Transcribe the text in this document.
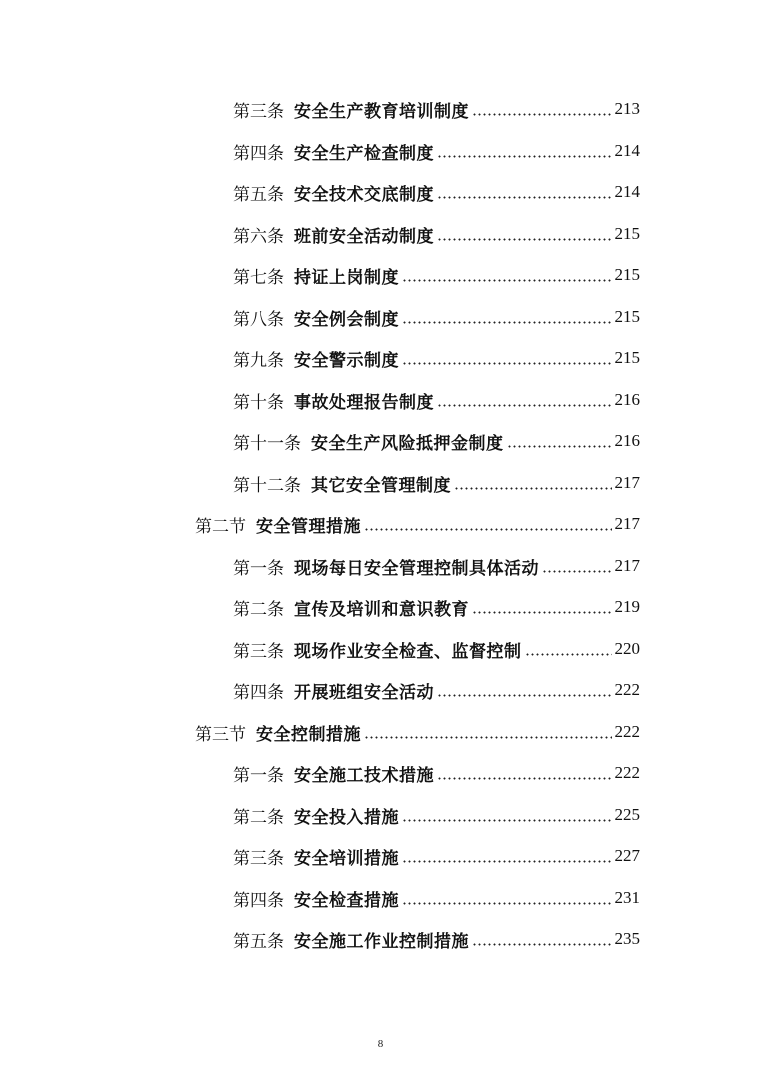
第三条 安全生产教育培训制度	213
第四条 安全生产检查制度	214
第五条 安全技术交底制度	214
第六条 班前安全活动制度	215
第七条 持证上岗制度	215
第八条 安全例会制度	215
第九条 安全警示制度	215
第十条 事故处理报告制度	216
第十一条 安全生产风险抵押金制度	216
第十二条 其它安全管理制度	217
第二节 安全管理措施	217
第一条 现场每日安全管理控制具体活动	217
第二条 宣传及培训和意识教育	219
第三条 现场作业安全检查、监督控制	220
第四条 开展班组安全活动	222
第三节 安全控制措施	222
第一条 安全施工技术措施	222
第二条 安全投入措施	225
第三条 安全培训措施	227
第四条 安全检查措施	231
第五条 安全施工作业控制措施	235
8
